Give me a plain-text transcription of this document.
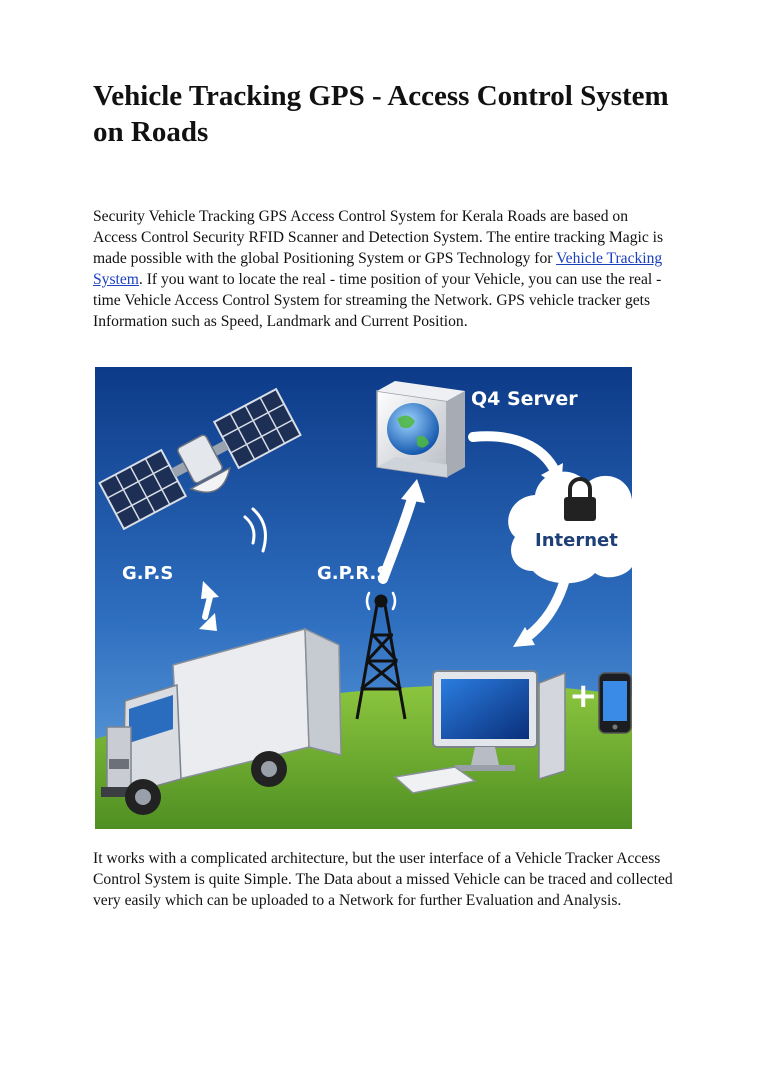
Vehicle Tracking GPS - Access Control System on Roads

Security Vehicle Tracking GPS Access Control System for Kerala Roads are based on Access Control Security RFID Scanner and Detection System. The entire tracking Magic is made possible with the global Positioning System or GPS Technology for Vehicle Tracking System. If you want to locate the real - time position of your Vehicle, you can use the real - time Vehicle Access Control System for streaming the Network. GPS vehicle tracker gets Information such as Speed, Landmark and Current Position.

Q4 Server
Internet
G.P.S	G.P.R.S
+

It works with a complicated architecture, but the user interface of a Vehicle Tracker Access Control System is quite Simple. The Data about a missed Vehicle can be traced and collected very easily which can be uploaded to a Network for further Evaluation and Analysis.
